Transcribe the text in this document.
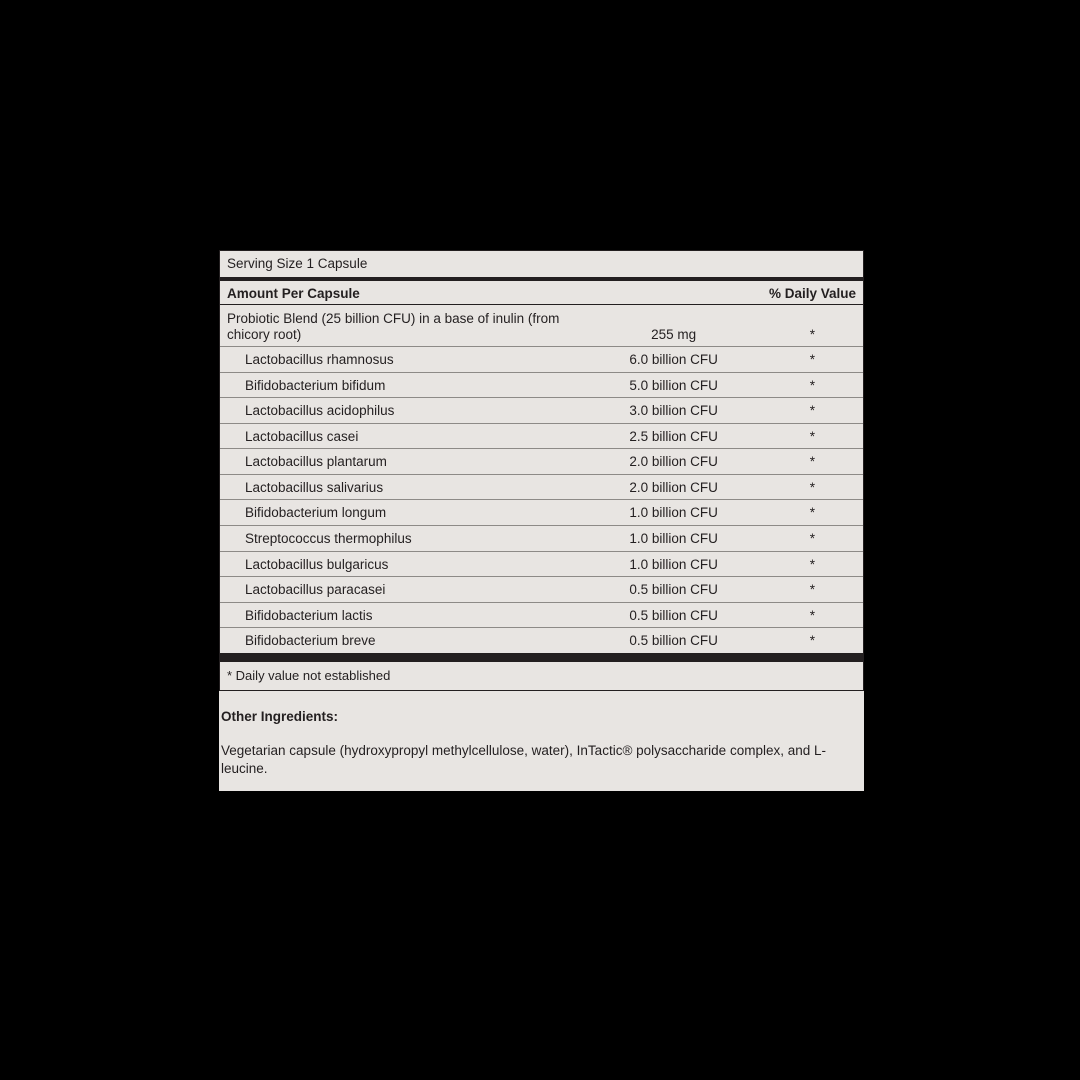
Serving Size 1 Capsule
Amount Per Capsule		% Daily Value
Probiotic Blend (25 billion CFU) in a base of inulin (from chicory root)	255 mg	*
Lactobacillus rhamnosus	6.0 billion CFU	*
Bifidobacterium bifidum	5.0 billion CFU	*
Lactobacillus acidophilus	3.0 billion CFU	*
Lactobacillus casei	2.5 billion CFU	*
Lactobacillus plantarum	2.0 billion CFU	*
Lactobacillus salivarius	2.0 billion CFU	*
Bifidobacterium longum	1.0 billion CFU	*
Streptococcus thermophilus	1.0 billion CFU	*
Lactobacillus bulgaricus	1.0 billion CFU	*
Lactobacillus paracasei	0.5 billion CFU	*
Bifidobacterium lactis	0.5 billion CFU	*
Bifidobacterium breve	0.5 billion CFU	*
* Daily value not established
Other Ingredients:
Vegetarian capsule (hydroxypropyl methylcellulose, water), InTactic® polysaccharide complex, and L-leucine.
